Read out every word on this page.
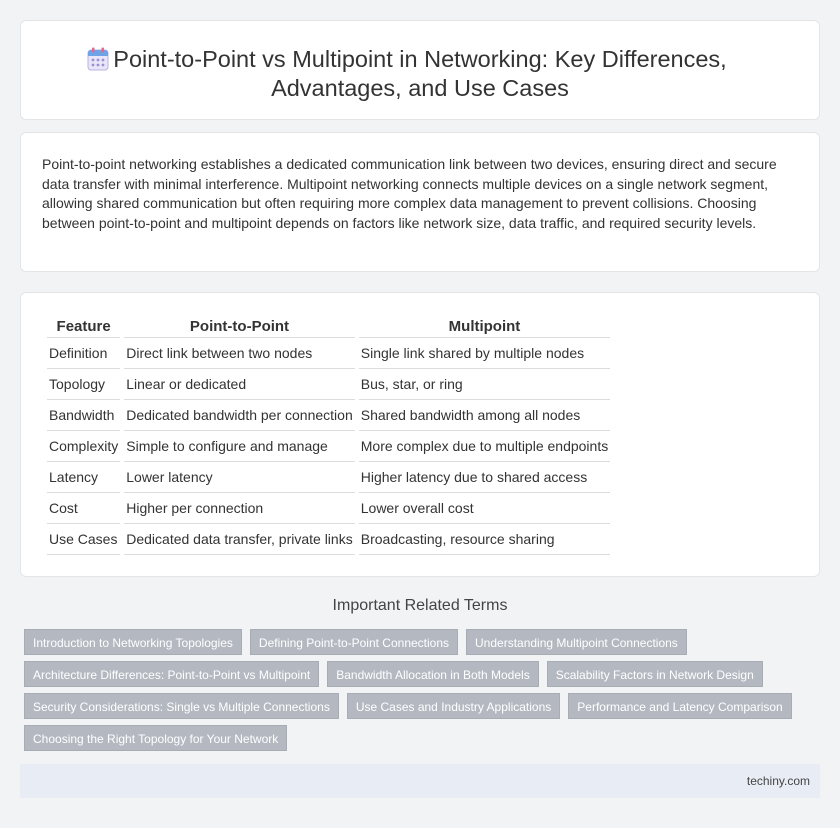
Point-to-Point vs Multipoint in Networking: Key Differences,
Advantages, and Use Cases

Point-to-point networking establishes a dedicated communication link between two devices, ensuring direct and secure data transfer with minimal interference. Multipoint networking connects multiple devices on a single network segment, allowing shared communication but often requiring more complex data management to prevent collisions. Choosing between point-to-point and multipoint depends on factors like network size, data traffic, and required security levels.

Feature	Point-to-Point	Multipoint
Definition	Direct link between two nodes	Single link shared by multiple nodes
Topology	Linear or dedicated	Bus, star, or ring
Bandwidth	Dedicated bandwidth per connection	Shared bandwidth among all nodes
Complexity	Simple to configure and manage	More complex due to multiple endpoints
Latency	Lower latency	Higher latency due to shared access
Cost	Higher per connection	Lower overall cost
Use Cases	Dedicated data transfer, private links	Broadcasting, resource sharing
Important Related Terms
Introduction to Networking Topologies	Defining Point-to-Point Connections	Understanding Multipoint Connections
Architecture Differences: Point-to-Point vs Multipoint	Bandwidth Allocation in Both Models	Scalability Factors in Network Design
Security Considerations: Single vs Multiple Connections	Use Cases and Industry Applications	Performance and Latency Comparison
Choosing the Right Topology for Your Network
techiny.com
